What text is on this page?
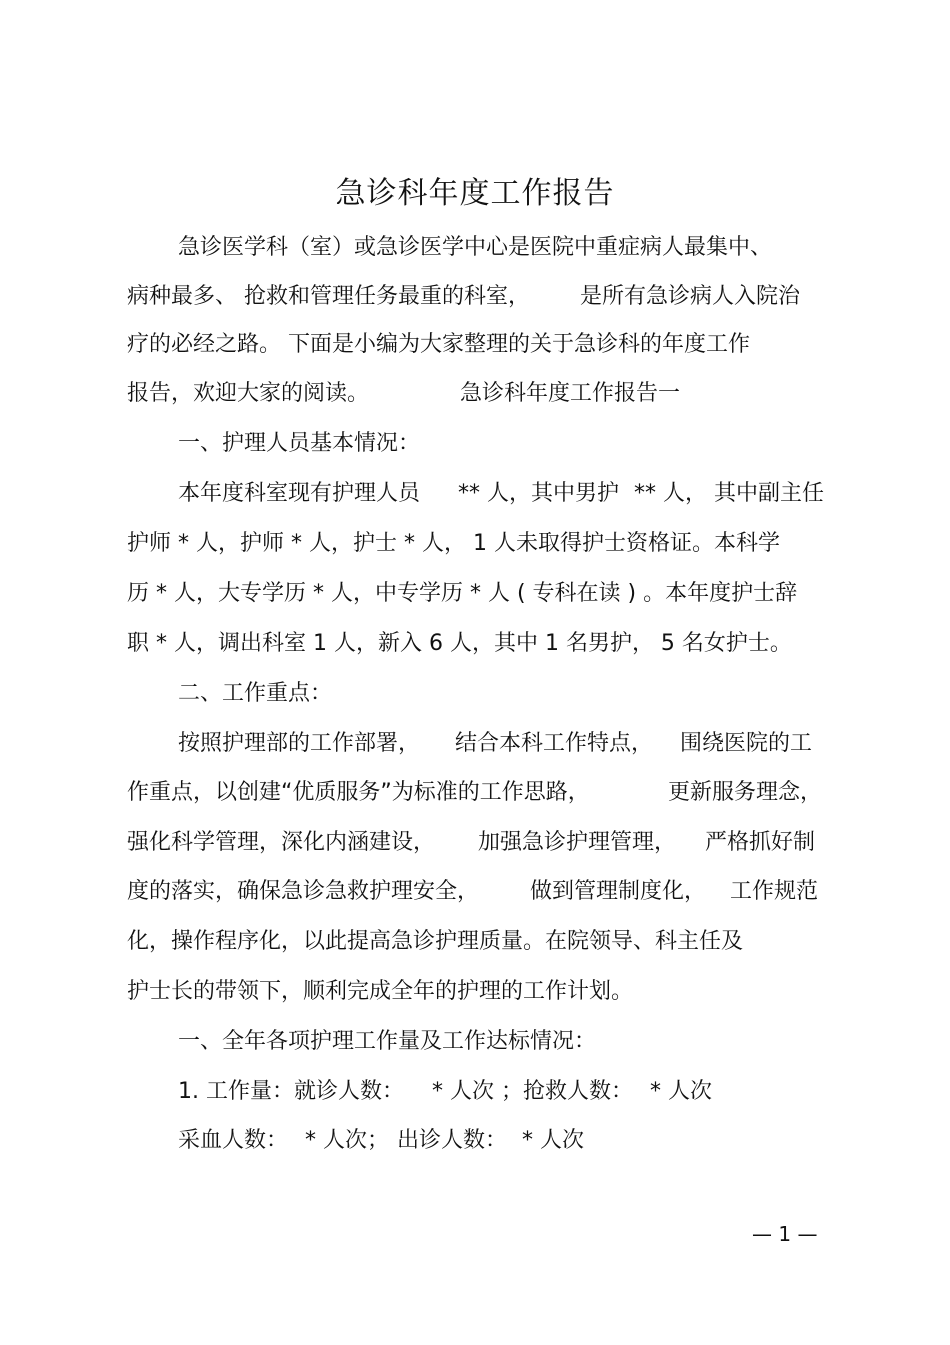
急诊科年度工作报告
急诊医学科（室）或急诊医学中心是医院中重症病人最集中、
病种最多、 抢救和管理任务最重的科室， 是所有急诊病人入院治
疗的必经之路。 下面是小编为大家整理的关于急诊科的年度工作
报告，欢迎大家的阅读。	急诊科年度工作报告一
一、护理人员基本情况：
本年度科室现有护理人员 ** 人，其中男护 ** 人， 其中副主任
护师 * 人，护师 * 人，护士 * 人， 1 人未取得护士资格证。本科学
历 * 人，大专学历 * 人，中专学历 * 人 ( 专科在读 ) 。本年度护士辞
职 * 人，调出科室 1 人，新入 6 人，其中 1 名男护， 5 名女护士。
二、工作重点：
按照护理部的工作部署， 结合本科工作特点， 围绕医院的工
作重点，以创建“优质服务”为标准的工作思路，	更新服务理念，
强化科学管理，深化内涵建设， 加强急诊护理管理， 严格抓好制
度的落实，确保急诊急救护理安全， 做到管理制度化， 工作规范
化，操作程序化，以此提高急诊护理质量。在院领导、科主任及
护士长的带领下，顺利完成全年的护理的工作计划。
一、全年各项护理工作量及工作达标情况：
1. 工作量：就诊人数： * 人次 ；抢救人数： * 人次
采血人数： * 人次； 出诊人数： * 人次
— 1 —
